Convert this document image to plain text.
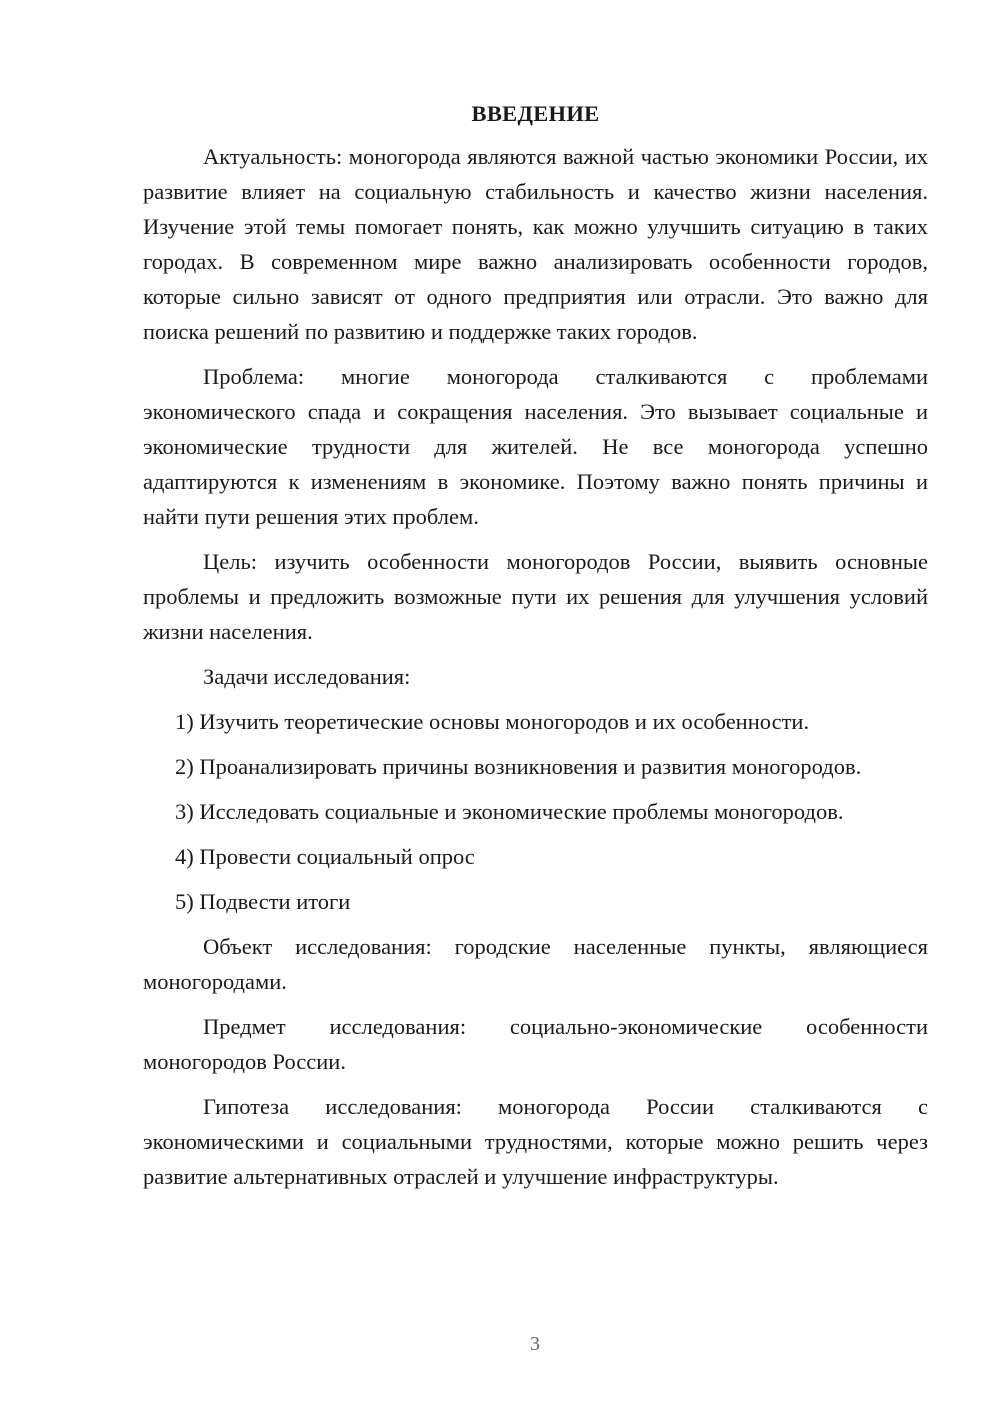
ВВЕДЕНИЕ

Актуальность: моногорода являются важной частью экономики России, их развитие влияет на социальную стабильность и качество жизни населения. Изучение этой темы помогает понять, как можно улучшить ситуацию в таких городах. В современном мире важно анализировать особенности городов, которые сильно зависят от одного предприятия или отрасли. Это важно для поиска решений по развитию и поддержке таких городов.

Проблема: многие моногорода сталкиваются с проблемами экономического спада и сокращения населения. Это вызывает социальные и экономические трудности для жителей. Не все моногорода успешно адаптируются к изменениям в экономике. Поэтому важно понять причины и найти пути решения этих проблем.

Цель: изучить особенности моногородов России, выявить основные проблемы и предложить возможные пути их решения для улучшения условий жизни населения.

Задачи исследования:

1) Изучить теоретические основы моногородов и их особенности.

2) Проанализировать причины возникновения и развития моногородов.

3) Исследовать социальные и экономические проблемы моногородов.

4) Провести социальный опрос

5) Подвести итоги

Объект исследования: городские населенные пункты, являющиеся моногородами.

Предмет исследования: социально-экономические особенности моногородов России.

Гипотеза исследования: моногорода России сталкиваются с экономическими и социальными трудностями, которые можно решить через развитие альтернативных отраслей и улучшение инфраструктуры.

3
